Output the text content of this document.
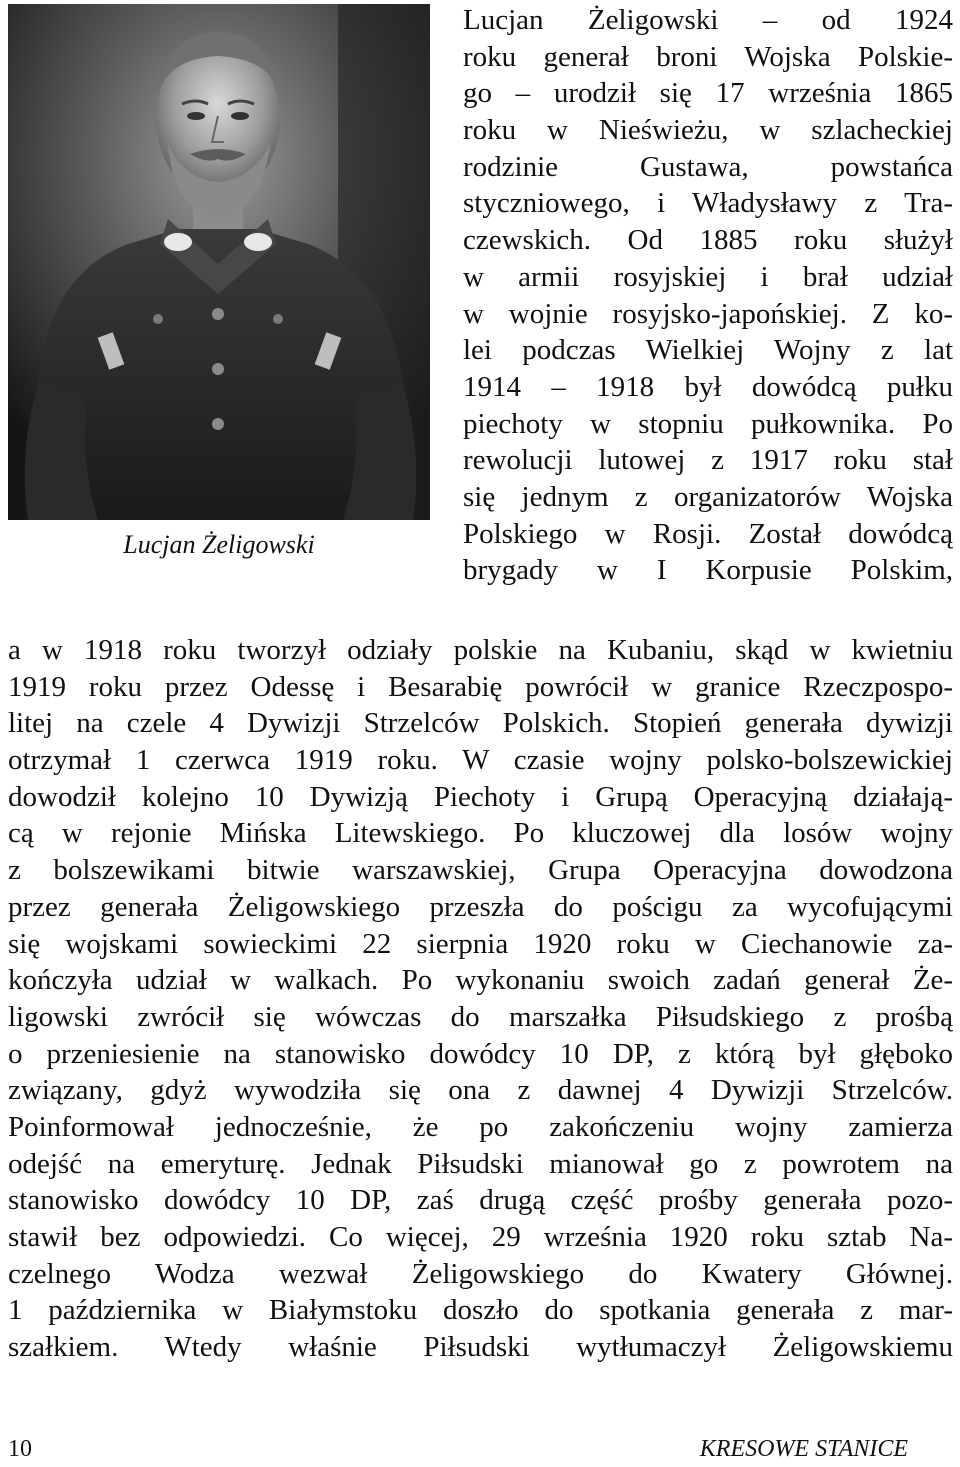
Lucjan Żeligowski
Lucjan Żeligowski – od 1924
roku generał broni Wojska Polskie-
go – urodził się 17 września 1865
roku w Nieświeżu, w szlacheckiej
rodzinie Gustawa, powstańca
styczniowego, i Władysławy z Tra-
czewskich. Od 1885 roku służył
w armii rosyjskiej i brał udział
w wojnie rosyjsko-japońskiej. Z ko-
lei podczas Wielkiej Wojny z lat
1914 – 1918 był dowódcą pułku
piechoty w stopniu pułkownika. Po
rewolucji lutowej z 1917 roku stał
się jednym z organizatorów Wojska
Polskiego w Rosji. Został dowódcą
brygady w I Korpusie Polskim,
a w 1918 roku tworzył odziały polskie na Kubaniu, skąd w kwietniu
1919 roku przez Odessę i Besarabię powrócił w granice Rzeczpospo-
litej na czele 4 Dywizji Strzelców Polskich. Stopień generała dywizji
otrzymał 1 czerwca 1919 roku. W czasie wojny polsko-bolszewickiej
dowodził kolejno 10 Dywizją Piechoty i Grupą Operacyjną działają-
cą w rejonie Mińska Litewskiego. Po kluczowej dla losów wojny
z bolszewikami bitwie warszawskiej, Grupa Operacyjna dowodzona
przez generała Żeligowskiego przeszła do pościgu za wycofującymi
się wojskami sowieckimi 22 sierpnia 1920 roku w Ciechanowie za-
kończyła udział w walkach. Po wykonaniu swoich zadań generał Że-
ligowski zwrócił się wówczas do marszałka Piłsudskiego z prośbą
o przeniesienie na stanowisko dowódcy 10 DP, z którą był głęboko
związany, gdyż wywodziła się ona z dawnej 4 Dywizji Strzelców.
Poinformował jednocześnie, że po zakończeniu wojny zamierza
odejść na emeryturę. Jednak Piłsudski mianował go z powrotem na
stanowisko dowódcy 10 DP, zaś drugą część prośby generała pozo-
stawił bez odpowiedzi. Co więcej, 29 września 1920 roku sztab Na-
czelnego Wodza wezwał Żeligowskiego do Kwatery Głównej.
1 października w Białymstoku doszło do spotkania generała z mar-
szałkiem. Wtedy właśnie Piłsudski wytłumaczył Żeligowskiemu
10	KRESOWE STANICE
